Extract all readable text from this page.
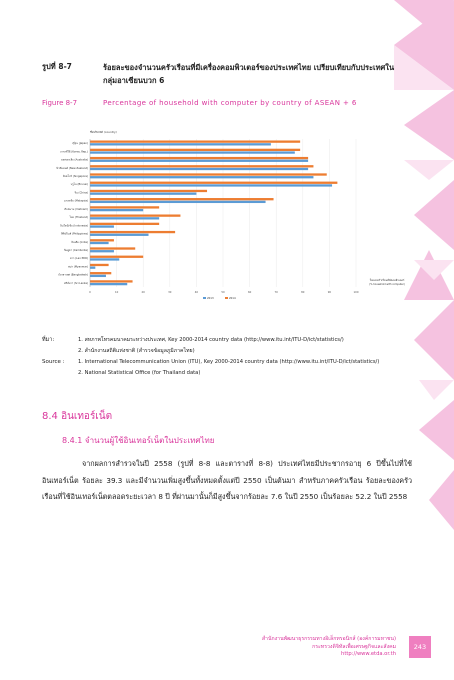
รูปที่ 8-7	ร้อยละของจำนวนครัวเรือนที่มีเครื่องคอมพิวเตอร์ของประเทศไทย เปรียบเทียบกับประเทศในกลุ่มอาเซียนบวก 6
Figure 8-7	Percentage of household with computer by country of ASEAN + 6
0	10	20	30	40	50	60	70	80	90	100
ชื่อประเทศ (country)
ญี่ปุ่น (Japan)
เกาหลีใต้ (Korea, Rep.)
ออสเตรเลีย (Australia)
นิวซีแลนด์ (New Zealand)
สิงคโปร์ (Singapore)
บรูไน (Brunei)
จีน (China)
มาเลเซีย (Malaysia)
เวียดนาม (Vietnam)
ไทย (Thailand)
อินโดนีเซีย (Indonesia)
ฟิลิปปินส์ (Philippines)
อินเดีย (India)
กัมพูชา (Cambodia)
ลาว (Lao PDR)
พม่า (Myanmar)
บังกลาเทศ (Bangladesh)
ศรีลังกา (Sri Lanka)
ร้อยละครัวเรือนที่มีคอมพิวเตอร์
(% household with computer)
2013	2014
ที่มา:	1. สหภาพโทรคมนาคมระหว่างประเทศ, Key 2000-2014 country data (http://www.itu.int/ITU-D/ict/statistics/)
2. สำนักงานสถิติแห่งชาติ (สำรวจข้อมูลภูมิภาคไทย)
Source :	1. International Telecommunication Union (ITU), Key 2000-2014 country data (http://www.itu.int/ITU-D/ict/statistics/)
2. National Statistical Office (for Thailand data)
8.4 อินเทอร์เน็ต
8.4.1 จำนวนผู้ใช้อินเทอร์เน็ตในประเทศไทย
จากผลการสำรวจในปี 2558 (รูปที่ 8-8 และตารางที่ 8-8) ประเทศไทยมีประชากรอายุ 6 ปีขึ้นไปที่ใช้อินเทอร์เน็ต ร้อยละ 39.3 และมีจำนวนเพิ่มสูงขึ้นทั้งหมดตั้งแต่ปี 2550 เป็นต้นมา สำหรับภาคครัวเรือน ร้อยละของครัวเรือนที่ใช้อินเทอร์เน็ตตลอดระยะเวลา 8 ปี ที่ผ่านมานั้นก็มีสูงขึ้นจากร้อยละ 7.6 ในปี 2550 เป็นร้อยละ 52.2 ในปี 2558
สำนักงานพัฒนาธุรกรรมทางอิเล็กทรอนิกส์ (องค์การมหาชน)
กระทรวงดิจิทัลเพื่อเศรษฐกิจและสังคม
http://www.etda.or.th
243
